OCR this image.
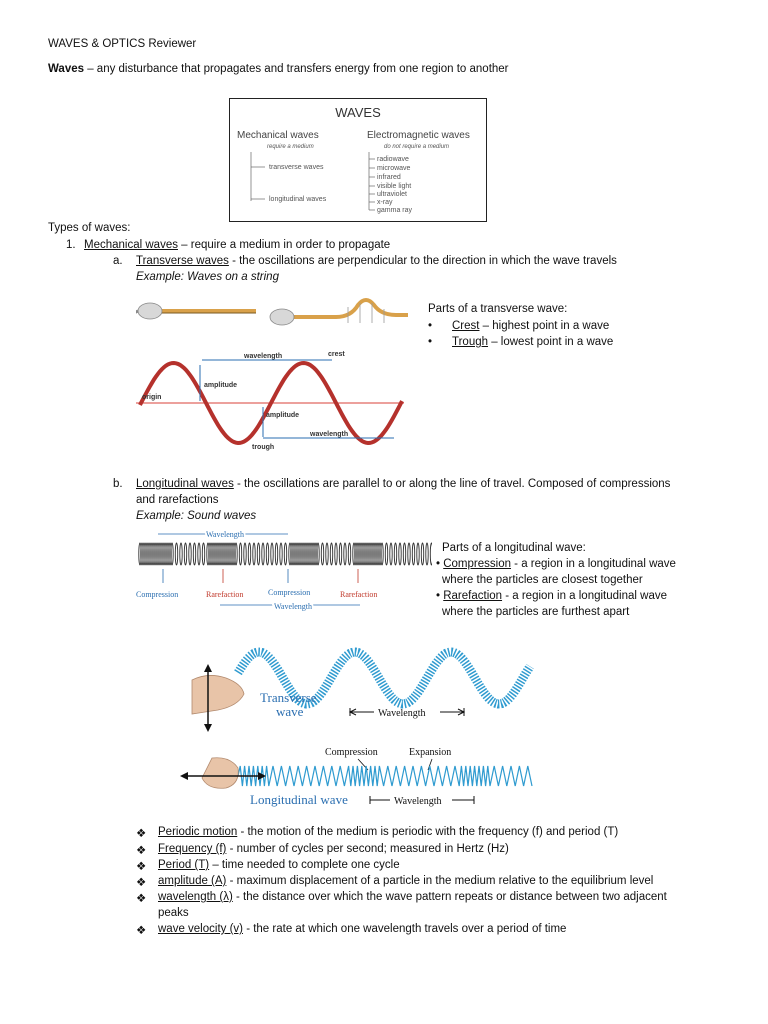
WAVES & OPTICS Reviewer
Waves – any disturbance that propagates and transfers energy from one region to another
WAVES
Mechanical waves
require a medium
Electromagnetic waves
do not require a medium
transverse waves
longitudinal waves
radiowave
microwave
infrared
visible light
ultraviolet
x-ray
gamma ray
Types of waves:
1. Mechanical waves – require a medium in order to propagate
a. Transverse waves - the oscillations are perpendicular to the direction in which the wave travels
Example: Waves on a string
wavelength	crest
amplitude
origin
amplitude
wavelength
trough
Parts of a transverse wave:
• Crest – highest point in a wave
• Trough – lowest point in a wave
b. Longitudinal waves - the oscillations are parallel to or along the line of travel. Composed of compressions
and rarefactions
Example: Sound waves
Wavelength
Compression	Rarefaction	Compression	Rarefaction
Wavelength
Parts of a longitudinal wave:
• Compression - a region in a longitudinal wave
where the particles are closest together
• Rarefaction - a region in a longitudinal wave
where the particles are furthest apart
Transverse
wave	Wavelength
Compression	Expansion
Longitudinal wave	Wavelength
❖ Periodic motion - the motion of the medium is periodic with the frequency (f) and period (T)
❖ Frequency (f) - number of cycles per second; measured in Hertz (Hz)
❖ Period (T) – time needed to complete one cycle
❖ amplitude (A) - maximum displacement of a particle in the medium relative to the equilibrium level
❖ wavelength (λ) - the distance over which the wave pattern repeats or distance between two adjacent
peaks
❖ wave velocity (v) - the rate at which one wavelength travels over a period of time
